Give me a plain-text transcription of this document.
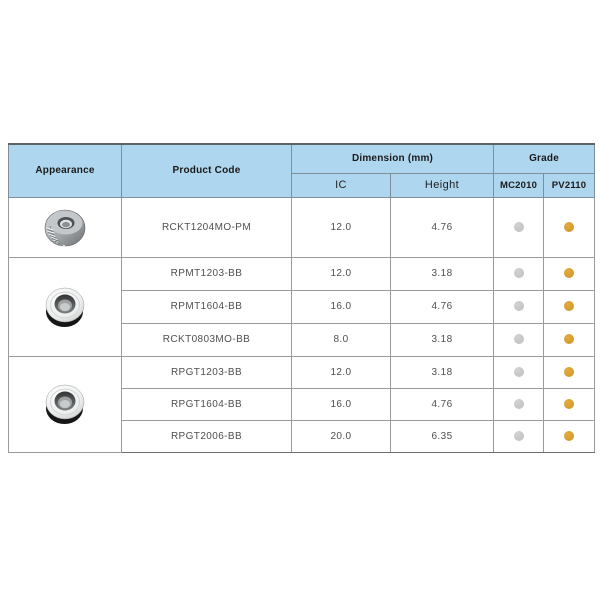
Appearance	Product Code	Dimension (mm)		Grade	
		IC	Height	MC2010	PV2110

	RCKT1204MO-PM	12.0	4.76		

	RPMT1203-BB	12.0	3.18		
	RPMT1604-BB	16.0	4.76		
	RCKT0803MO-BB	8.0	3.18		

	RPGT1203-BB	12.0	3.18		
	RPGT1604-BB	16.0	4.76		
	RPGT2006-BB	20.0	6.35		
